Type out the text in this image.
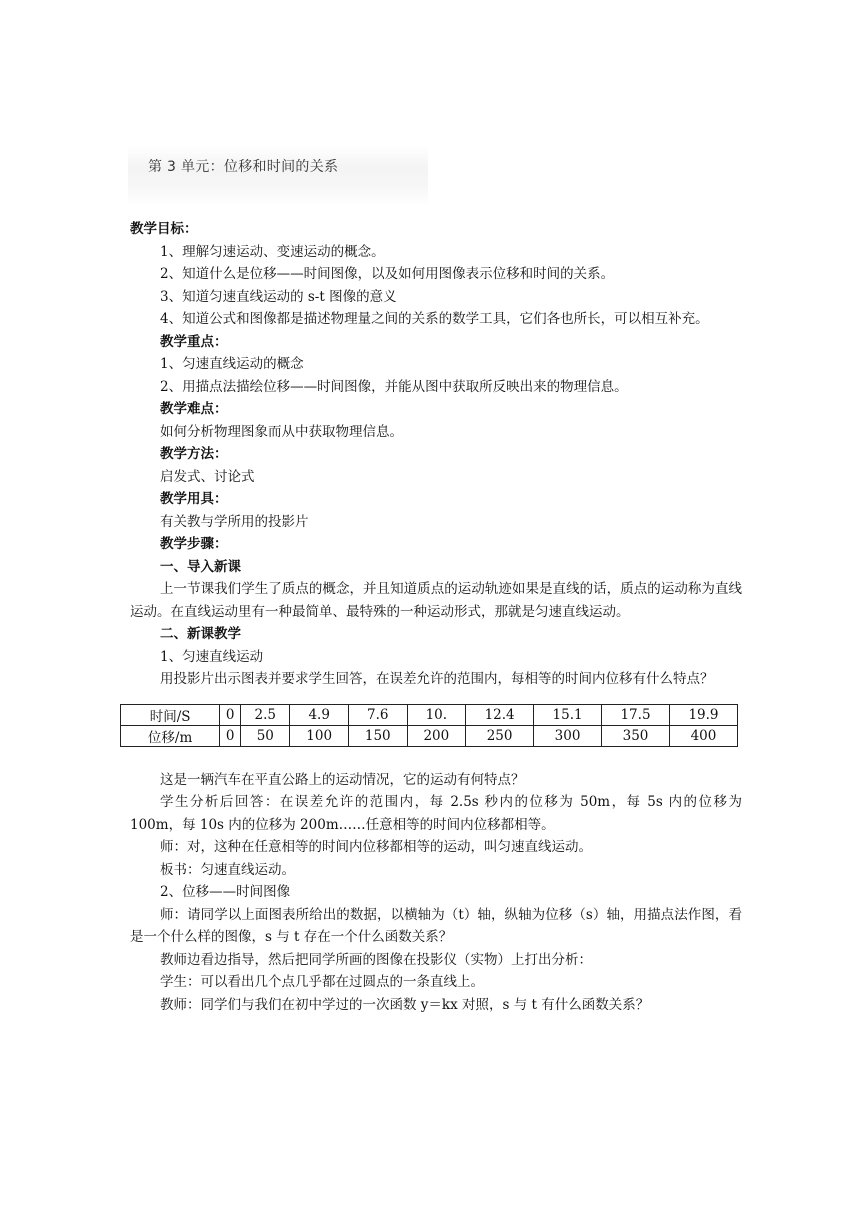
第 3 单元：位移和时间的关系
教学目标：
1、理解匀速运动、变速运动的概念。
2、知道什么是位移——时间图像，以及如何用图像表示位移和时间的关系。
3、知道匀速直线运动的 s-t 图像的意义
4、知道公式和图像都是描述物理量之间的关系的数学工具，它们各也所长，可以相互补充。
教学重点：
1、匀速直线运动的概念
2、用描点法描绘位移——时间图像，并能从图中获取所反映出来的物理信息。
教学难点：
如何分析物理图象而从中获取物理信息。
教学方法：
启发式、讨论式
教学用具：
有关教与学所用的投影片
教学步骤：
一、导入新课
上一节课我们学生了质点的概念，并且知道质点的运动轨迹如果是直线的话，质点的运动称为直线运动。在直线运动里有一种最简单、最特殊的一种运动形式，那就是匀速直线运动。
二、新课教学
1、匀速直线运动
用投影片出示图表并要求学生回答，在误差允许的范围内，每相等的时间内位移有什么特点？
时间/S	0	2.5	4.9	7.6	10.	12.4	15.1	17.5	19.9
位移/m	0	50	100	150	200	250	300	350	400
这是一辆汽车在平直公路上的运动情况，它的运动有何特点？
学生分析后回答：在误差允许的范围内，每 2.5s 秒内的位移为 50m，每 5s 内的位移为 100m，每 10s 内的位移为 200m……任意相等的时间内位移都相等。
师：对，这种在任意相等的时间内位移都相等的运动，叫匀速直线运动。
板书：匀速直线运动。
2、位移——时间图像
师：请同学以上面图表所给出的数据，以横轴为（t）轴，纵轴为位移（s）轴，用描点法作图，看是一个什么样的图像，s 与 t 存在一个什么函数关系？
教师边看边指导，然后把同学所画的图像在投影仪（实物）上打出分析：
学生：可以看出几个点几乎都在过圆点的一条直线上。
教师：同学们与我们在初中学过的一次函数 y＝kx 对照，s 与 t 有什么函数关系？
